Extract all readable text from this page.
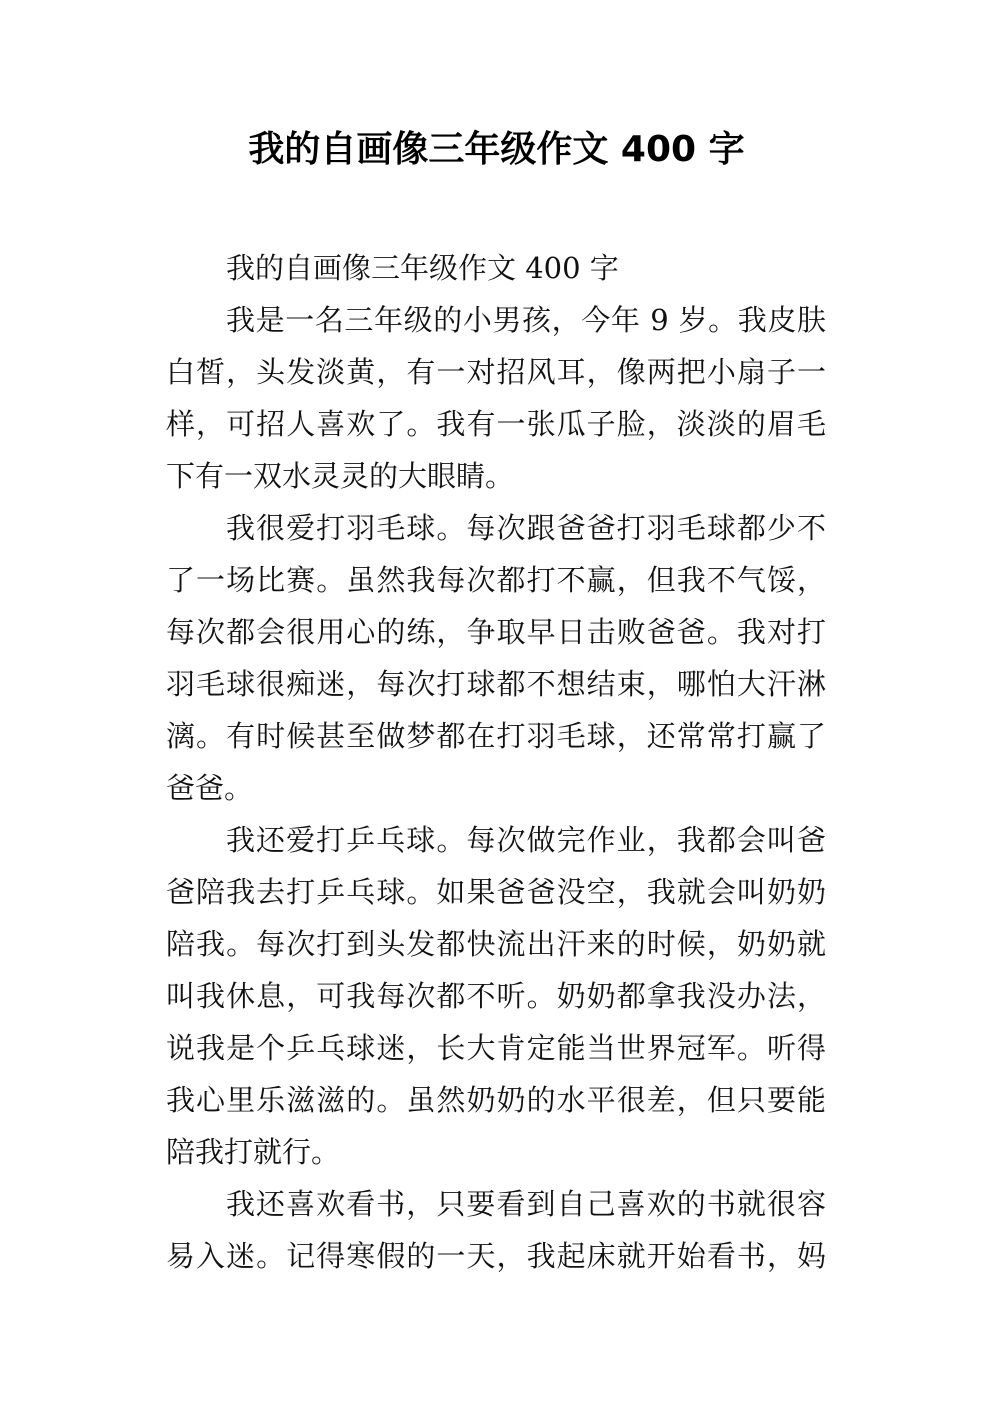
我的自画像三年级作文 400 字
我的自画像三年级作文 400 字
我是一名三年级的小男孩，今年 9 岁。我皮肤
白皙，头发淡黄，有一对招风耳，像两把小扇子一
样，可招人喜欢了。我有一张瓜子脸，淡淡的眉毛
下有一双水灵灵的大眼睛。
我很爱打羽毛球。每次跟爸爸打羽毛球都少不
了一场比赛。虽然我每次都打不赢，但我不气馁，
每次都会很用心的练，争取早日击败爸爸。我对打
羽毛球很痴迷，每次打球都不想结束，哪怕大汗淋
漓。有时候甚至做梦都在打羽毛球，还常常打赢了
爸爸。
我还爱打乒乓球。每次做完作业，我都会叫爸
爸陪我去打乒乓球。如果爸爸没空，我就会叫奶奶
陪我。每次打到头发都快流出汗来的时候，奶奶就
叫我休息，可我每次都不听。奶奶都拿我没办法，
说我是个乒乓球迷，长大肯定能当世界冠军。听得
我心里乐滋滋的。虽然奶奶的水平很差，但只要能
陪我打就行。
我还喜欢看书，只要看到自己喜欢的书就很容
易入迷。记得寒假的一天，我起床就开始看书，妈
